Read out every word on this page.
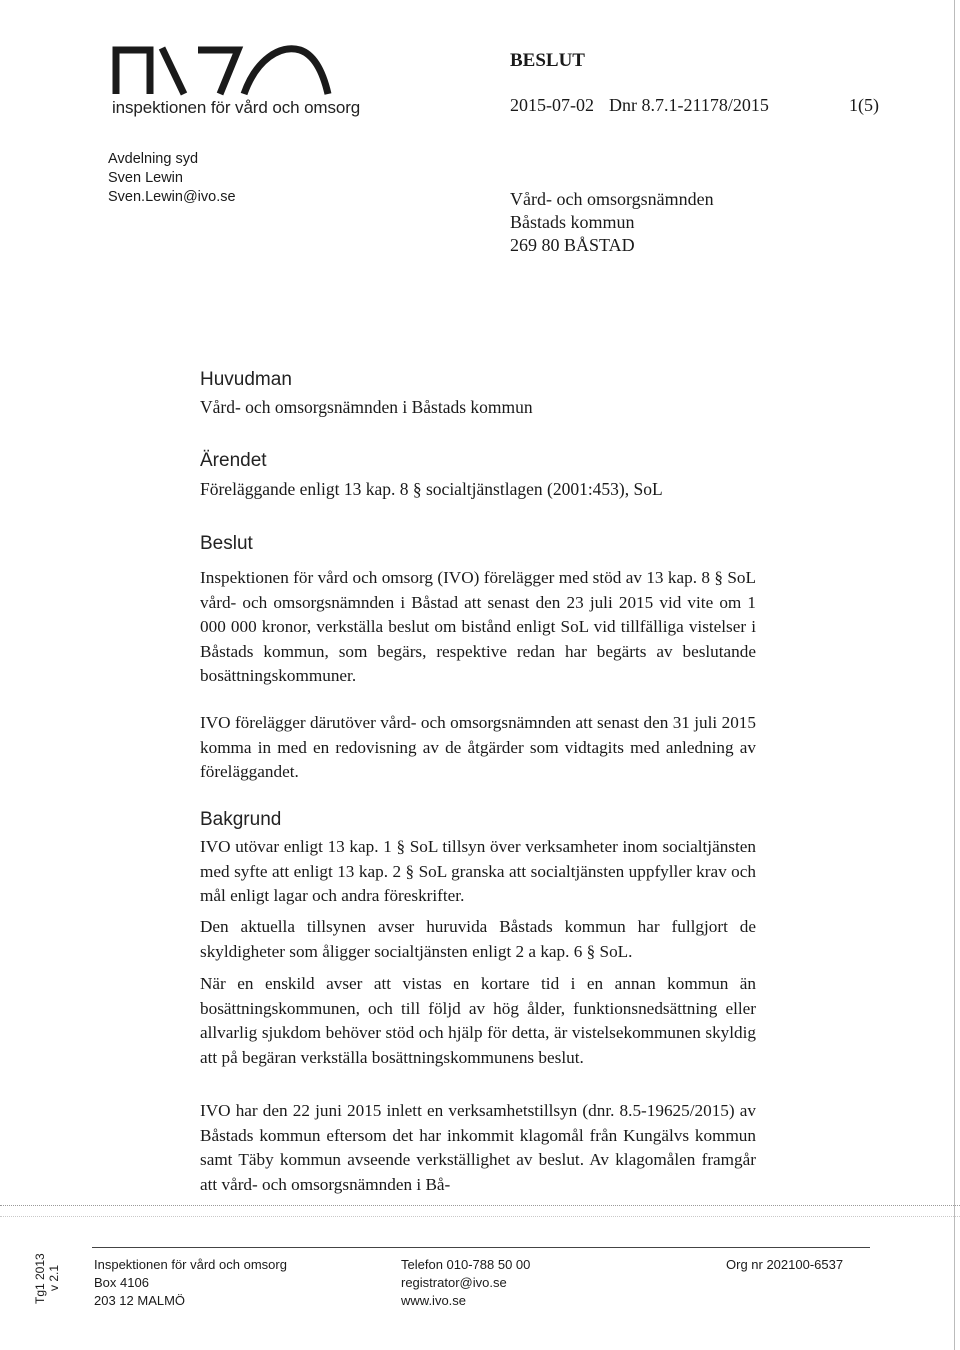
inspektionen för vård och omsorg
BESLUT
2015-07-02 Dnr 8.7.1-21178/2015	1(5)
Avdelning syd
Sven Lewin
Sven.Lewin@ivo.se	Vård- och omsorgsnämnden
Båstads kommun
269 80 BÅSTAD
Huvudman
Vård- och omsorgsnämnden i Båstads kommun
Ärendet
Föreläggande enligt 13 kap. 8 § socialtjänstlagen (2001:453), SoL
Beslut
Inspektionen för vård och omsorg (IVO) förelägger med stöd av 13 kap. 8 § SoL vård- och omsorgsnämnden i Båstad att senast den 23 juli 2015 vid vite om 1 000 000 kronor, verkställa beslut om bistånd enligt SoL vid tillfälliga vistelser i Båstads kommun, som begärs, respektive redan har begärts av beslutande bosättningskommuner.
IVO förelägger därutöver vård- och omsorgsnämnden att senast den 31 juli 2015 komma in med en redovisning av de åtgärder som vidtagits med anledning av föreläggandet.
Bakgrund
IVO utövar enligt 13 kap. 1 § SoL tillsyn över verksamheter inom socialtjänsten med syfte att enligt 13 kap. 2 § SoL granska att socialtjänsten uppfyller krav och mål enligt lagar och andra föreskrifter.
Den aktuella tillsynen avser huruvida Båstads kommun har fullgjort de skyldigheter som åligger socialtjänsten enligt 2 a kap. 6 § SoL.
När en enskild avser att vistas en kortare tid i en annan kommun än bosättningskommunen, och till följd av hög ålder, funktionsnedsättning eller allvarlig sjukdom behöver stöd och hjälp för detta, är vistelsekommunen skyldig att på begäran verkställa bosättningskommunens beslut.
IVO har den 22 juni 2015 inlett en verksamhetstillsyn (dnr. 8.5-19625/2015) av Båstads kommun eftersom det har inkommit klagomål från Kungälvs kommun samt Täby kommun avseende verkställighet av beslut. Av klagomålen framgår att vård- och omsorgsnämnden i Bå-
Tg1 2013 v 2.1
Inspektionen för vård och omsorg
Box 4106
203 12 MALMÖ
Telefon 010-788 50 00
registrator@ivo.se
www.ivo.se
Org nr 202100-6537
